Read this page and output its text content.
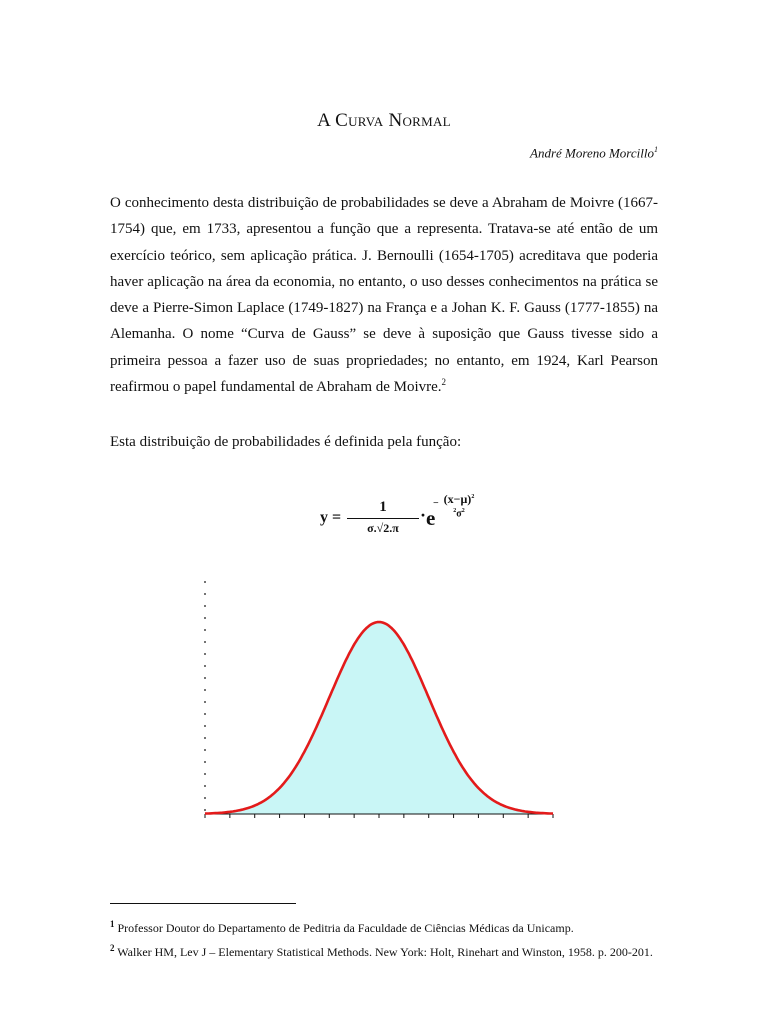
A Curva Normal
André Moreno Morcillo$^1$

O conhecimento desta distribuição de probabilidades se deve a Abraham de Moivre (1667-1754) que, em 1733, apresentou a função que a representa. Tratava-se até então de um exercício teórico, sem aplicação prática. J. Bernoulli (1654-1705) acreditava que poderia haver aplicação na área da economia, no entanto, o uso desses conhecimentos na prática se deve a Pierre-Simon Laplace (1749-1827) na França e a Johan K. F. Gauss (1777-1855) na Alemanha. O nome “Curva de Gauss” se deve à suposição que Gauss tivesse sido a primeira pessoa a fazer uso de suas propriedades; no entanto, em 1924, Karl Pearson reafirmou o papel fundamental de Abraham de Moivre.$^2$

Esta distribuição de probabilidades é definida pela função:

y =
1
σ.√2.π
· e
− $(x-\mu)^2$
$^2\sigma^2$

$^1$ Professor Doutor do Departamento de Peditria da Faculdade de Ciências Médicas da Unicamp.

$^2$ Walker HM, Lev J – Elementary Statistical Methods. New York: Holt, Rinehart and Winston, 1958. p. 200-201.
